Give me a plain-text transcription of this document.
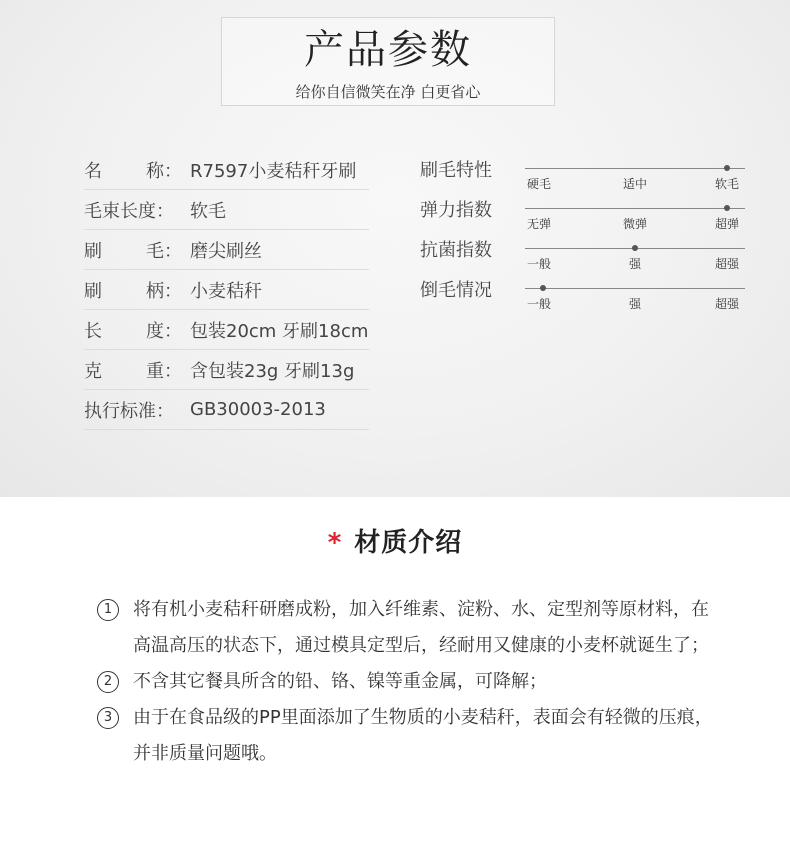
产品参数
给你自信微笑在净 白更省心
名 称： R7597小麦秸秆牙刷
毛束长度： 软毛
刷 毛： 磨尖刷丝
刷 柄： 小麦秸秆
长 度： 包装20cm 牙刷18cm
克 重： 含包装23g 牙刷13g
执行标准： GB30003-2013
刷毛特性
硬毛	适中	软毛
弹力指数
无弹	微弹	超弹
抗菌指数
一般	强	超强
倒毛情况
一般	强	超强
* 材质介绍
1	将有机小麦秸秆研磨成粉，加入纤维素、淀粉、水、定型剂等原材料，在高温高压的状态下，通过模具定型后，经耐用又健康的小麦杯就诞生了；
2	不含其它餐具所含的铅、铬、镍等重金属，可降解；
3	由于在食品级的PP里面添加了生物质的小麦秸秆，表面会有轻微的压痕，并非质量问题哦。
